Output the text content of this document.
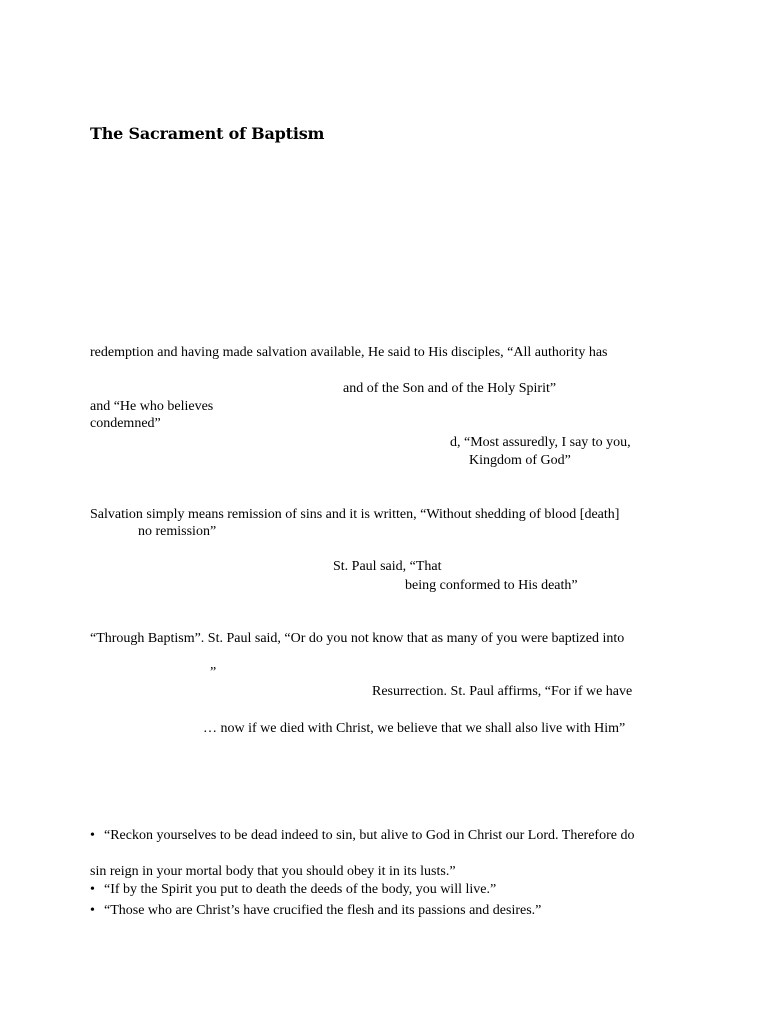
The Sacrament of Baptism
redemption and having made salvation available, He said to His disciples, “All authority has
and of the Son and of the Holy Spirit”
and “He who believes
condemned”
d, “Most assuredly, I say to you,
Kingdom of God”
Salvation simply means remission of sins and it is written, “Without shedding of blood [death]
no remission”
St. Paul said, “That
being conformed to His death”
“Through Baptism”. St. Paul said, “Or do you not know that as many of you were baptized into
”
Resurrection. St. Paul affirms, “For if we have
… now if we died with Christ, we believe that we shall also live with Him”
• “Reckon yourselves to be dead indeed to sin, but alive to God in Christ our Lord. Therefore do
sin reign in your mortal body that you should obey it in its lusts.”
• “If by the Spirit you put to death the deeds of the body, you will live.”
• “Those who are Christ’s have crucified the flesh and its passions and desires.”
